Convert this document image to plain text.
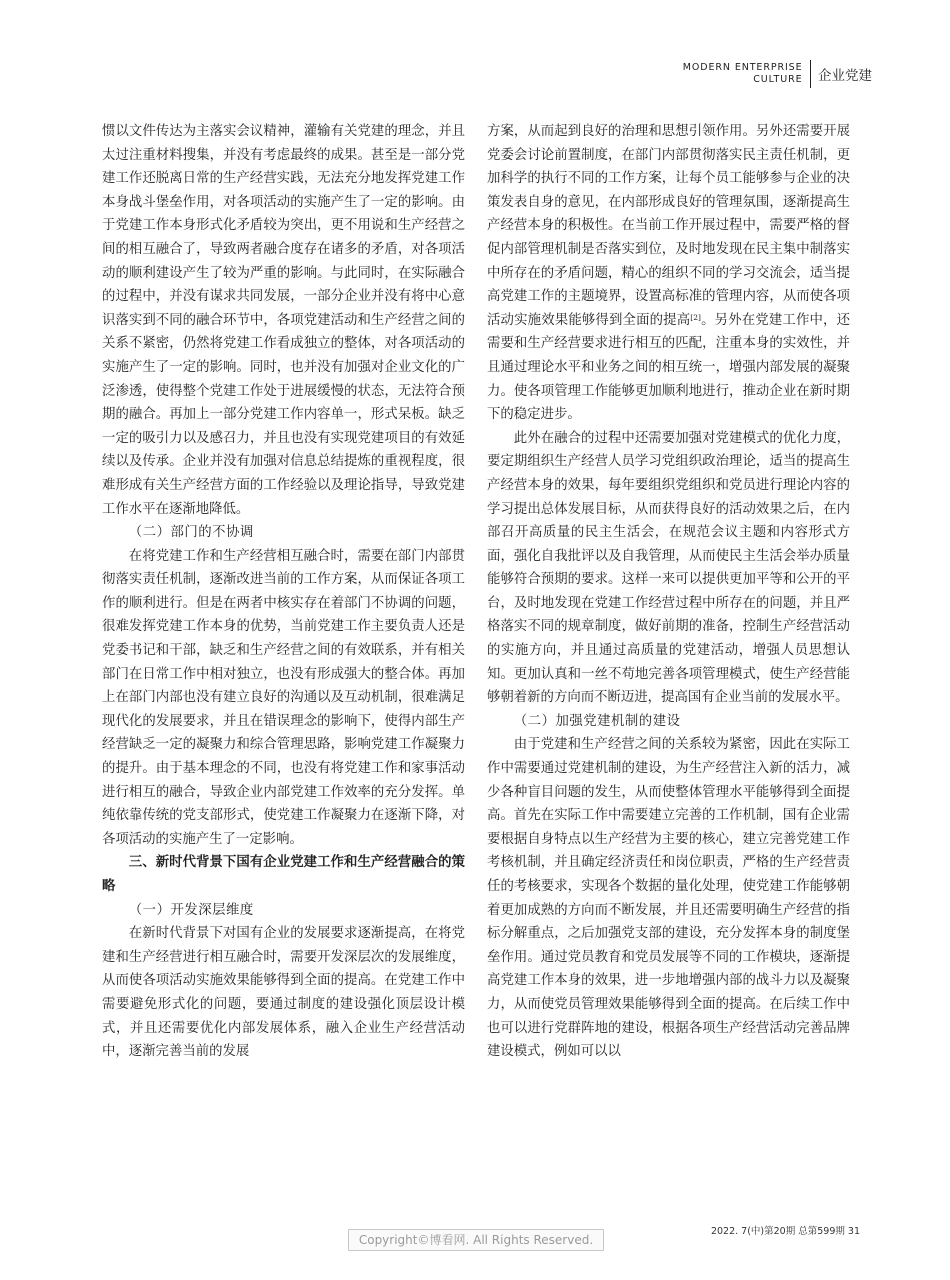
MODERN ENTERPRISE
CULTURE 企业党建

惯以文件传达为主落实会议精神，灌输有关党建的理念，并且太过注重材料搜集，并没有考虑最终的成果。甚至是一部分党建工作还脱离日常的生产经营实践，无法充分地发挥党建工作本身战斗堡垒作用，对各项活动的实施产生了一定的影响。由于党建工作本身形式化矛盾较为突出，更不用说和生产经营之间的相互融合了，导致两者融合度存在诸多的矛盾，对各项活动的顺利建设产生了较为严重的影响。与此同时，在实际融合的过程中，并没有谋求共同发展，一部分企业并没有将中心意识落实到不同的融合环节中，各项党建活动和生产经营之间的关系不紧密，仍然将党建工作看成独立的整体，对各项活动的实施产生了一定的影响。同时，也并没有加强对企业文化的广泛渗透，使得整个党建工作处于进展缓慢的状态，无法符合预期的融合。再加上一部分党建工作内容单一，形式呆板。缺乏一定的吸引力以及感召力，并且也没有实现党建项目的有效延续以及传承。企业并没有加强对信息总结提炼的重视程度，很难形成有关生产经营方面的工作经验以及理论指导，导致党建工作水平在逐渐地降低。

（二）部门的不协调

在将党建工作和生产经营相互融合时，需要在部门内部贯彻落实责任机制，逐渐改进当前的工作方案，从而保证各项工作的顺利进行。但是在两者中核实存在着部门不协调的问题，很难发挥党建工作本身的优势，当前党建工作主要负责人还是党委书记和干部，缺乏和生产经营之间的有效联系，并有相关部门在日常工作中相对独立，也没有形成强大的整合体。再加上在部门内部也没有建立良好的沟通以及互动机制，很难满足现代化的发展要求，并且在错误理念的影响下，使得内部生产经营缺乏一定的凝聚力和综合管理思路，影响党建工作凝聚力的提升。由于基本理念的不同，也没有将党建工作和家事活动进行相互的融合，导致企业内部党建工作效率的充分发挥。单纯依靠传统的党支部形式，使党建工作凝聚力在逐渐下降，对各项活动的实施产生了一定影响。

三、新时代背景下国有企业党建工作和生产经营融合的策略

（一）开发深层维度

在新时代背景下对国有企业的发展要求逐渐提高，在将党建和生产经营进行相互融合时，需要开发深层次的发展维度，从而使各项活动实施效果能够得到全面的提高。在党建工作中需要避免形式化的问题，要通过制度的建设强化顶层设计模式，并且还需要优化内部发展体系，融入企业生产经营活动中，逐渐完善当前的发展

方案，从而起到良好的治理和思想引领作用。另外还需要开展党委会讨论前置制度，在部门内部贯彻落实民主责任机制，更加科学的执行不同的工作方案，让每个员工能够参与企业的决策发表自身的意见，在内部形成良好的管理氛围，逐渐提高生产经营本身的积极性。在当前工作开展过程中，需要严格的督促内部管理机制是否落实到位，及时地发现在民主集中制落实中所存在的矛盾问题，精心的组织不同的学习交流会，适当提高党建工作的主题境界，设置高标准的管理内容，从而使各项活动实施效果能够得到全面的提高[2]。另外在党建工作中，还需要和生产经营要求进行相互的匹配，注重本身的实效性，并且通过理论水平和业务之间的相互统一，增强内部发展的凝聚力。使各项管理工作能够更加顺利地进行，推动企业在新时期下的稳定进步。

此外在融合的过程中还需要加强对党建模式的优化力度，要定期组织生产经营人员学习党组织政治理论，适当的提高生产经营本身的效果，每年要组织党组织和党员进行理论内容的学习提出总体发展目标，从而获得良好的活动效果之后，在内部召开高质量的民主生活会，在规范会议主题和内容形式方面，强化自我批评以及自我管理，从而使民主生活会举办质量能够符合预期的要求。这样一来可以提供更加平等和公开的平台，及时地发现在党建工作经营过程中所存在的问题，并且严格落实不同的规章制度，做好前期的准备，控制生产经营活动的实施方向，并且通过高质量的党建活动，增强人员思想认知。更加认真和一丝不苟地完善各项管理模式，使生产经营能够朝着新的方向而不断迈进，提高国有企业当前的发展水平。

（二）加强党建机制的建设

由于党建和生产经营之间的关系较为紧密，因此在实际工作中需要通过党建机制的建设，为生产经营注入新的活力，减少各种盲目问题的发生，从而使整体管理水平能够得到全面提高。首先在实际工作中需要建立完善的工作机制，国有企业需要根据自身特点以生产经营为主要的核心，建立完善党建工作考核机制，并且确定经济责任和岗位职责，严格的生产经营责任的考核要求，实现各个数据的量化处理，使党建工作能够朝着更加成熟的方向而不断发展，并且还需要明确生产经营的指标分解重点，之后加强党支部的建设，充分发挥本身的制度堡垒作用。通过党员教育和党员发展等不同的工作模块，逐渐提高党建工作本身的效果，进一步地增强内部的战斗力以及凝聚力，从而使党员管理效果能够得到全面的提高。在后续工作中也可以进行党群阵地的建设，根据各项生产经营活动完善品牌建设模式，例如可以以

2022. 7(中)第20期 总第599期 31
Copyright©博看网. All Rights Reserved.
